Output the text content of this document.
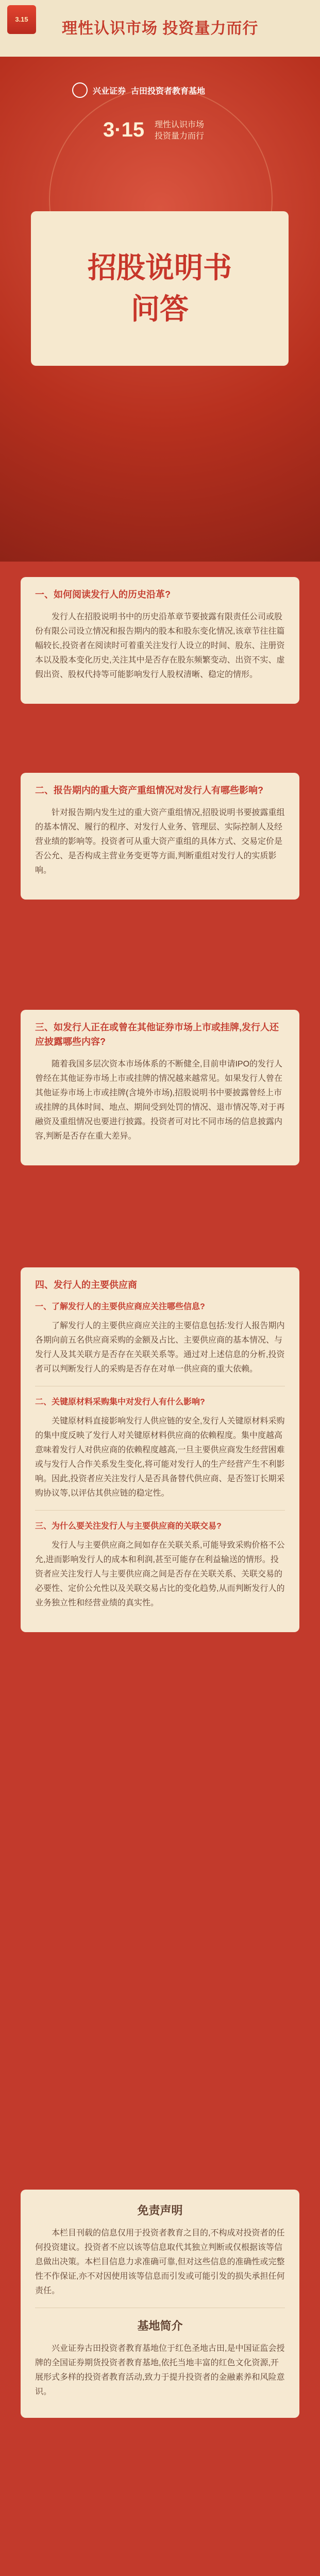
3.15
理性认识市场 投资量力而行
兴业证券 古田投资者教育基地
3·15 理性认识市场
投资量力而行
招股说明书
问答
一、如何阅读发行人的历史沿革?

发行人在招股说明书中的历史沿革章节要披露有限责任公司或股份有限公司设立情况和报告期内的股本和股东变化情况,该章节往往篇幅较长,投资者在阅读时可着重关注发行人设立的时间、股东、注册资本以及股本变化历史,关注其中是否存在股东频繁变动、出资不实、虚假出资、股权代持等可能影响发行人股权清晰、稳定的情形。

二、报告期内的重大资产重组情况对发行人有哪些影响?

针对报告期内发生过的重大资产重组情况,招股说明书要披露重组的基本情况、履行的程序、对发行人业务、管理层、实际控制人及经营业绩的影响等。投资者可从重大资产重组的具体方式、交易定价是否公允、是否构成主营业务变更等方面,判断重组对发行人的实质影响。

三、如发行人正在或曾在其他证券市场上市或挂牌,发行人还应披露哪些内容?

随着我国多层次资本市场体系的不断健全,目前申请IPO的发行人曾经在其他证券市场上市或挂牌的情况越来越常见。如果发行人曾在其他证券市场上市或挂牌(含境外市场),招股说明书中要披露曾经上市或挂牌的具体时间、地点、期间受到处罚的情况、退市情况等,对于再融资及重组情况也要进行披露。投资者可对比不同市场的信息披露内容,判断是否存在重大差异。

四、发行人的主要供应商
一、了解发行人的主要供应商应关注哪些信息?

了解发行人的主要供应商应关注的主要信息包括:发行人报告期内各期向前五名供应商采购的金额及占比、主要供应商的基本情况、与发行人及其关联方是否存在关联关系等。通过对上述信息的分析,投资者可以判断发行人的采购是否存在对单一供应商的重大依赖。

二、关键原材料采购集中对发行人有什么影响?

关键原材料直接影响发行人供应链的安全,发行人关键原材料采购的集中度反映了发行人对关键原材料供应商的依赖程度。集中度越高意味着发行人对供应商的依赖程度越高,一旦主要供应商发生经营困难或与发行人合作关系发生变化,将可能对发行人的生产经营产生不利影响。因此,投资者应关注发行人是否具备替代供应商、是否签订长期采购协议等,以评估其供应链的稳定性。

三、为什么要关注发行人与主要供应商的关联交易?

发行人与主要供应商之间如存在关联关系,可能导致采购价格不公允,进而影响发行人的成本和利润,甚至可能存在利益输送的情形。投资者应关注发行人与主要供应商之间是否存在关联关系、关联交易的必要性、定价公允性以及关联交易占比的变化趋势,从而判断发行人的业务独立性和经营业绩的真实性。

免责声明

本栏目刊载的信息仅用于投资者教育之目的,不构成对投资者的任何投资建议。投资者不应以该等信息取代其独立判断或仅根据该等信息做出决策。本栏目信息力求准确可靠,但对这些信息的准确性或完整性不作保证,亦不对因使用该等信息而引发或可能引发的损失承担任何责任。

基地简介

兴业证券古田投资者教育基地位于红色圣地古田,是中国证监会授牌的全国证券期货投资者教育基地,依托当地丰富的红色文化资源,开展形式多样的投资者教育活动,致力于提升投资者的金融素养和风险意识。
